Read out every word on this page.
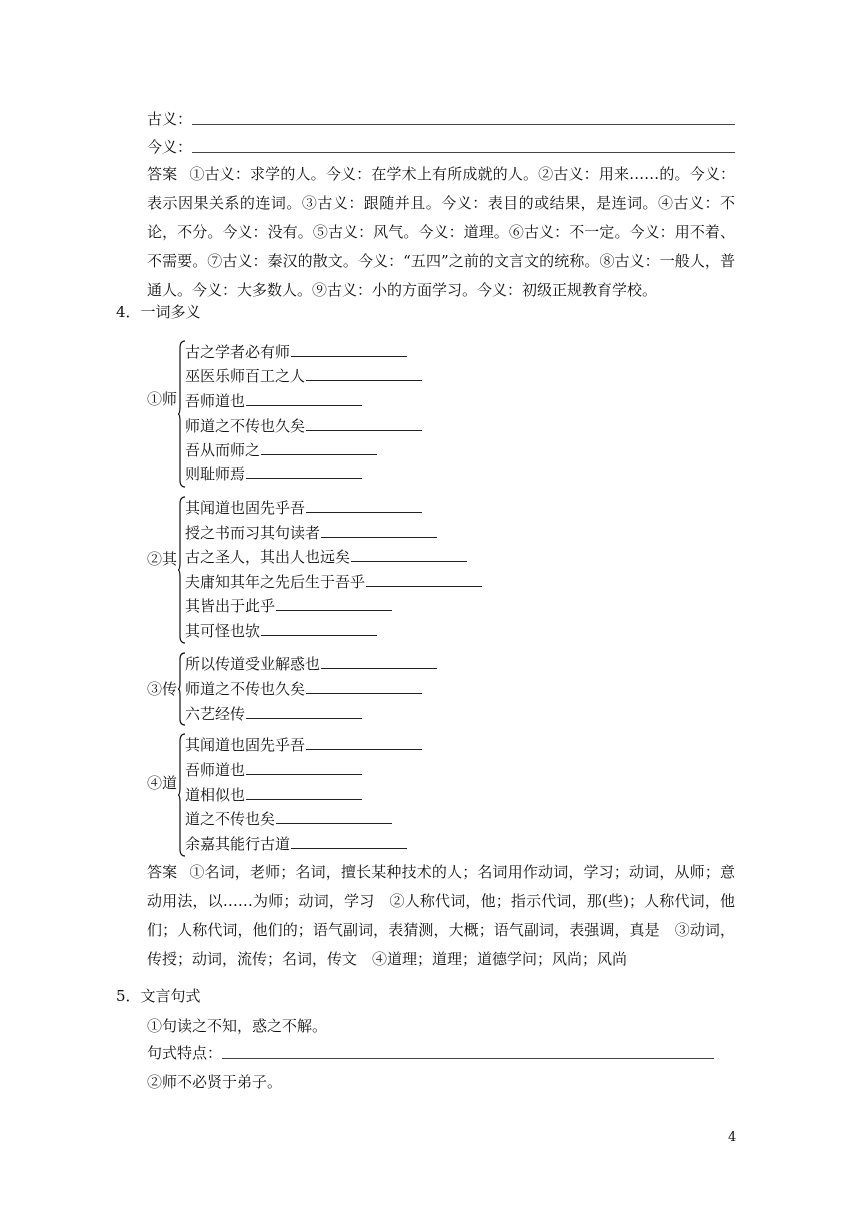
古义：
今义：
答案 ①古义：求学的人。今义：在学术上有所成就的人。②古义：用来……的。今义：表示因果关系的连词。③古义：跟随并且。今义：表目的或结果，是连词。④古义：不论，不分。今义：没有。⑤古义：风气。今义：道理。⑥古义：不一定。今义：用不着、不需要。⑦古义：秦汉的散文。今义：“五四”之前的文言文的统称。⑧古义：一般人，普通人。今义：大多数人。⑨古义：小的方面学习。今义：初级正规教育学校。
4．一词多义
①师
古之学者必有师
巫医乐师百工之人
吾师道也
师道之不传也久矣
吾从而师之
则耻师焉
②其
其闻道也固先乎吾
授之书而习其句读者
古之圣人，其出人也远矣
夫庸知其年之先后生于吾乎
其皆出于此乎
其可怪也欤
③传
所以传道受业解惑也
师道之不传也久矣
六艺经传
④道
其闻道也固先乎吾
吾师道也
道相似也
道之不传也矣
余嘉其能行古道
答案 ①名词，老师；名词，擅长某种技术的人；名词用作动词，学习；动词，从师；意动用法，以……为师；动词，学习　②人称代词，他；指示代词，那(些)；人称代词，他们；人称代词，他们的；语气副词，表猜测，大概；语气副词，表强调，真是　③动词，传授；动词，流传；名词，传文　④道理；道理；道德学问；风尚；风尚
5．文言句式
①句读之不知，惑之不解。
句式特点：
②师不必贤于弟子。
4
